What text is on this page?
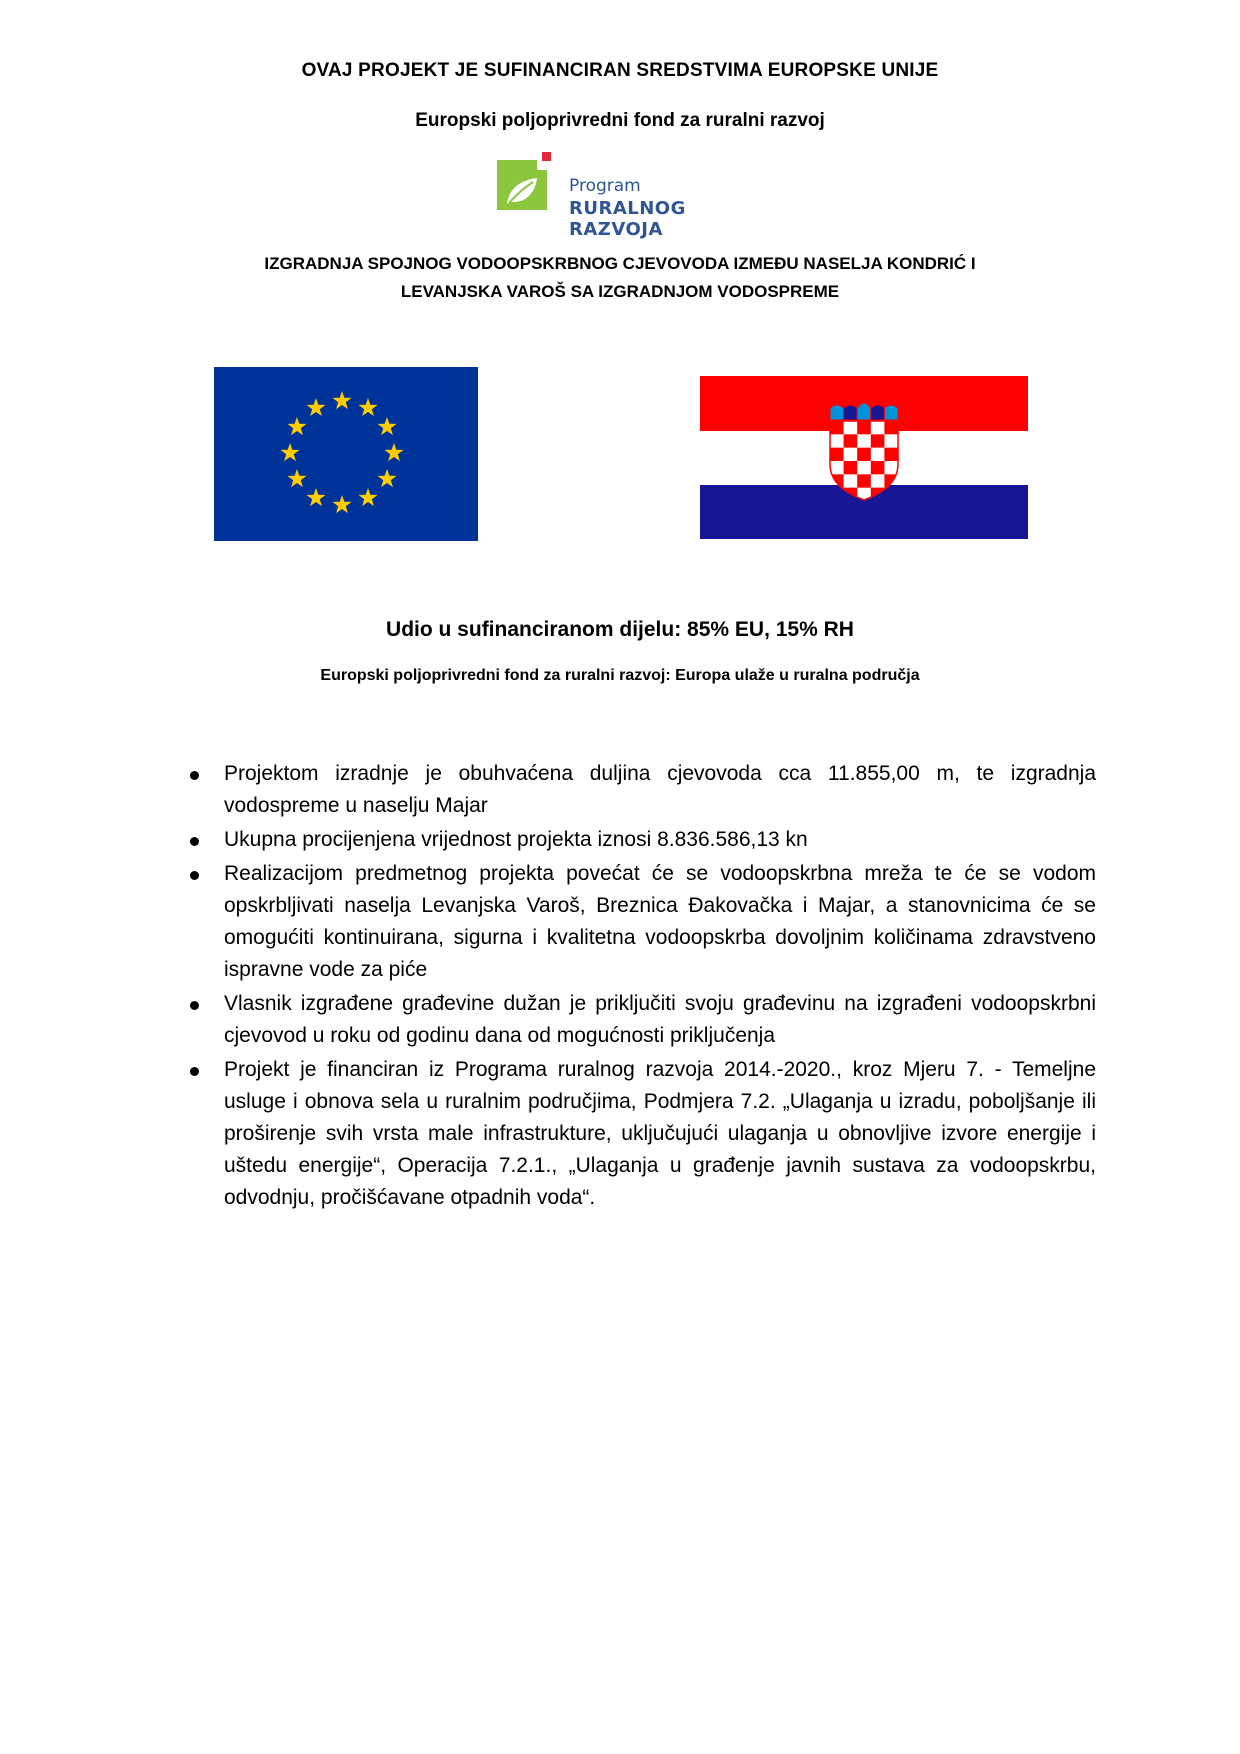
OVAJ PROJEKT JE SUFINANCIRAN SREDSTVIMA EUROPSKE UNIJE
Europski poljoprivredni fond za ruralni razvoj
Program
RURALNOG RAZVOJA
IZGRADNJA SPOJNOG VODOOPSKRBNOG CJEVOVODA IZMEĐU NASELJA KONDRIĆ I
LEVANJSKA VAROŠ SA IZGRADNJOM VODOSPREME
Udio u sufinanciranom dijelu: 85% EU, 15% RH
Europski poljoprivredni fond za ruralni razvoj: Europa ulaže u ruralna područja
Projektom izradnje je obuhvaćena duljina cjevovoda cca 11.855,00 m, te izgradnja vodospreme u naselju Majar
Ukupna procijenjena vrijednost projekta iznosi 8.836.586,13 kn
Realizacijom predmetnog projekta povećat će se vodoopskrbna mreža te će se vodom opskrbljivati naselja Levanjska Varoš, Breznica Đakovačka i Majar, a stanovnicima će se omogućiti kontinuirana, sigurna i kvalitetna vodoopskrba dovoljnim količinama zdravstveno ispravne vode za piće
Vlasnik izgrađene građevine dužan je priključiti svoju građevinu na izgrađeni vodoopskrbni cjevovod u roku od godinu dana od mogućnosti priključenja
Projekt je financiran iz Programa ruralnog razvoja 2014.-2020., kroz Mjeru 7. - Temeljne usluge i obnova sela u ruralnim područjima, Podmjera 7.2. „Ulaganja u izradu, poboljšanje ili proširenje svih vrsta male infrastrukture, uključujući ulaganja u obnovljive izvore energije i uštedu energije“, Operacija 7.2.1., „Ulaganja u građenje javnih sustava za vodoopskrbu, odvodnju, pročišćavane otpadnih voda“.
